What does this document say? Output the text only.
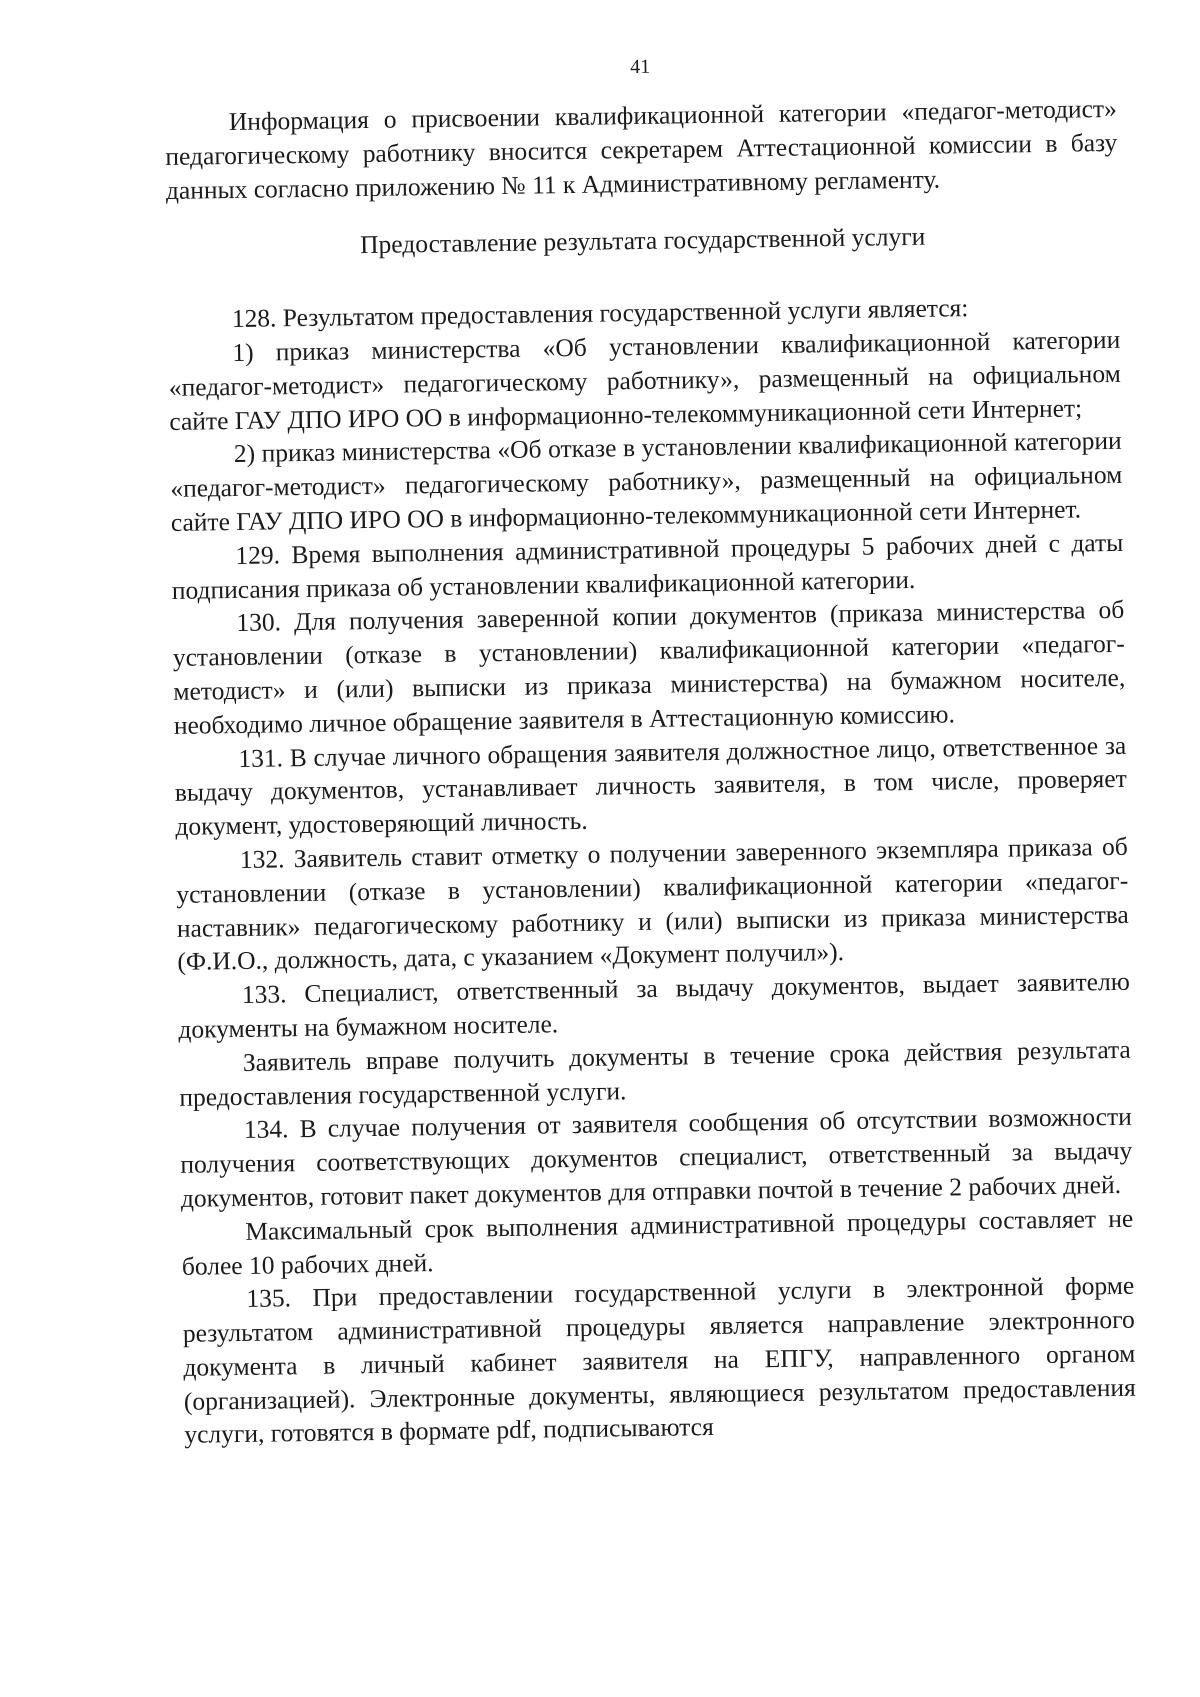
41

Информация о присвоении квалификационной категории «педагог-методист» педагогическому работнику вносится секретарем Аттестационной комиссии в базу данных согласно приложению № 11 к Административному регламенту.

Предоставление результата государственной услуги

128. Результатом предоставления государственной услуги является:

1) приказ министерства «Об установлении квалификационной категории «педагог-методист» педагогическому работнику», размещенный на официальном сайте ГАУ ДПО ИРО ОО в информационно-телекоммуникационной сети Интернет;

2) приказ министерства «Об отказе в установлении квалификационной категории «педагог-методист» педагогическому работнику», размещенный на официальном сайте ГАУ ДПО ИРО ОО в информационно-телекоммуникационной сети Интернет.

129. Время выполнения административной процедуры 5 рабочих дней с даты подписания приказа об установлении квалификационной категории.

130. Для получения заверенной копии документов (приказа министерства об установлении (отказе в установлении) квалификационной категории «педагог-методист» и (или) выписки из приказа министерства) на бумажном носителе, необходимо личное обращение заявителя в Аттестационную комиссию.

131. В случае личного обращения заявителя должностное лицо, ответственное за выдачу документов, устанавливает личность заявителя, в том числе, проверяет документ, удостоверяющий личность.

132. Заявитель ставит отметку о получении заверенного экземпляра приказа об установлении (отказе в установлении) квалификационной категории «педагог-наставник» педагогическому работнику и (или) выписки из приказа министерства (Ф.И.О., должность, дата, с указанием «Документ получил»).

133. Специалист, ответственный за выдачу документов, выдает заявителю документы на бумажном носителе.

Заявитель вправе получить документы в течение срока действия результата предоставления государственной услуги.

134. В случае получения от заявителя сообщения об отсутствии возможности получения соответствующих документов специалист, ответственный за выдачу документов, готовит пакет документов для отправки почтой в течение 2 рабочих дней.

Максимальный срок выполнения административной процедуры составляет не более 10 рабочих дней.

135. При предоставлении государственной услуги в электронной форме результатом административной процедуры является направление электронного документа в личный кабинет заявителя на ЕПГУ, направленного органом (организацией). Электронные документы, являющиеся результатом предоставления услуги, готовятся в формате pdf, подписываются
